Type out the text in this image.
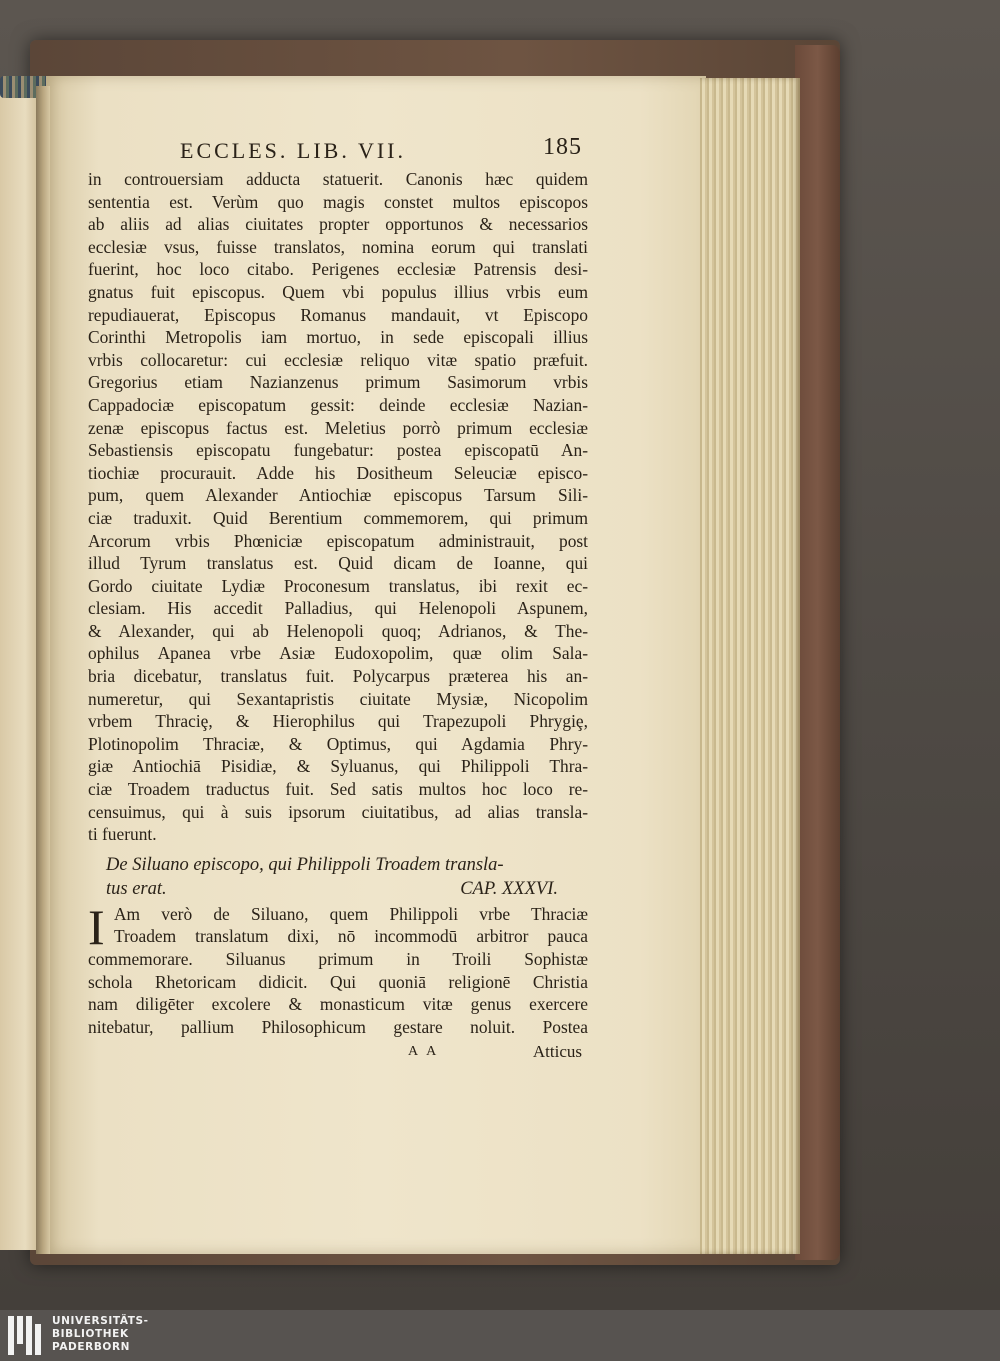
ECCLES. LIB. VII.	185
in controuersiam adducta statuerit. Canonis hæc quidem
sententia est. Verùm quo magis constet multos episcopos
ab aliis ad alias ciuitates propter opportunos & necessarios
ecclesiæ vsus, fuisse translatos, nomina eorum qui translati
fuerint, hoc loco citabo. Perigenes ecclesiæ Patrensis desi-
gnatus fuit episcopus. Quem vbi populus illius vrbis eum
repudiauerat, Episcopus Romanus mandauit, vt Episcopo
Corinthi Metropolis iam mortuo, in sede episcopali illius
vrbis collocaretur: cui ecclesiæ reliquo vitæ spatio præfuit.
Gregorius etiam Nazianzenus primum Sasimorum vrbis
Cappadociæ episcopatum gessit: deinde ecclesiæ Nazian-
zenæ episcopus factus est. Meletius porrò primum ecclesiæ
Sebastiensis episcopatu fungebatur: postea episcopatū An-
tiochiæ procurauit. Adde his Dositheum Seleuciæ episco-
pum, quem Alexander Antiochiæ episcopus Tarsum Sili-
ciæ traduxit. Quid Berentium commemorem, qui primum
Arcorum vrbis Phœniciæ episcopatum administrauit, post
illud Tyrum translatus est. Quid dicam de Ioanne, qui
Gordo ciuitate Lydiæ Proconesum translatus, ibi rexit ec-
clesiam. His accedit Palladius, qui Helenopoli Aspunem,
& Alexander, qui ab Helenopoli quoq; Adrianos, & The-
ophilus Apanea vrbe Asiæ Eudoxopolim, quæ olim Sala-
bria dicebatur, translatus fuit. Polycarpus præterea his an-
numeretur, qui Sexantapristis ciuitate Mysiæ, Nicopolim
vrbem Thraciȩ, & Hierophilus qui Trapezupoli Phrygiȩ,
Plotinopolim Thraciæ, & Optimus, qui Agdamia Phry-
giæ Antiochiā Pisidiæ, & Syluanus, qui Philippoli Thra-
ciæ Troadem traductus fuit. Sed satis multos hoc loco re-
censuimus, qui à suis ipsorum ciuitatibus, ad alias transla-
ti fuerunt.
De Siluano episcopo, qui Philippoli Troadem transla-
tus erat.	CAP. XXXVI.
I Am verò de Siluano, quem Philippoli vrbe Thraciæ
Troadem translatum dixi, nō incommodū arbitror pauca
commemorare. Siluanus primum in Troili Sophistæ
schola Rhetoricam didicit. Qui quoniā religionē Christia
nam diligēter excolere & monasticum vitæ genus exercere
nitebatur, pallium Philosophicum gestare noluit. Postea
A A	Atticus
UNIVERSITÄTS-
BIBLIOTHEK
PADERBORN
